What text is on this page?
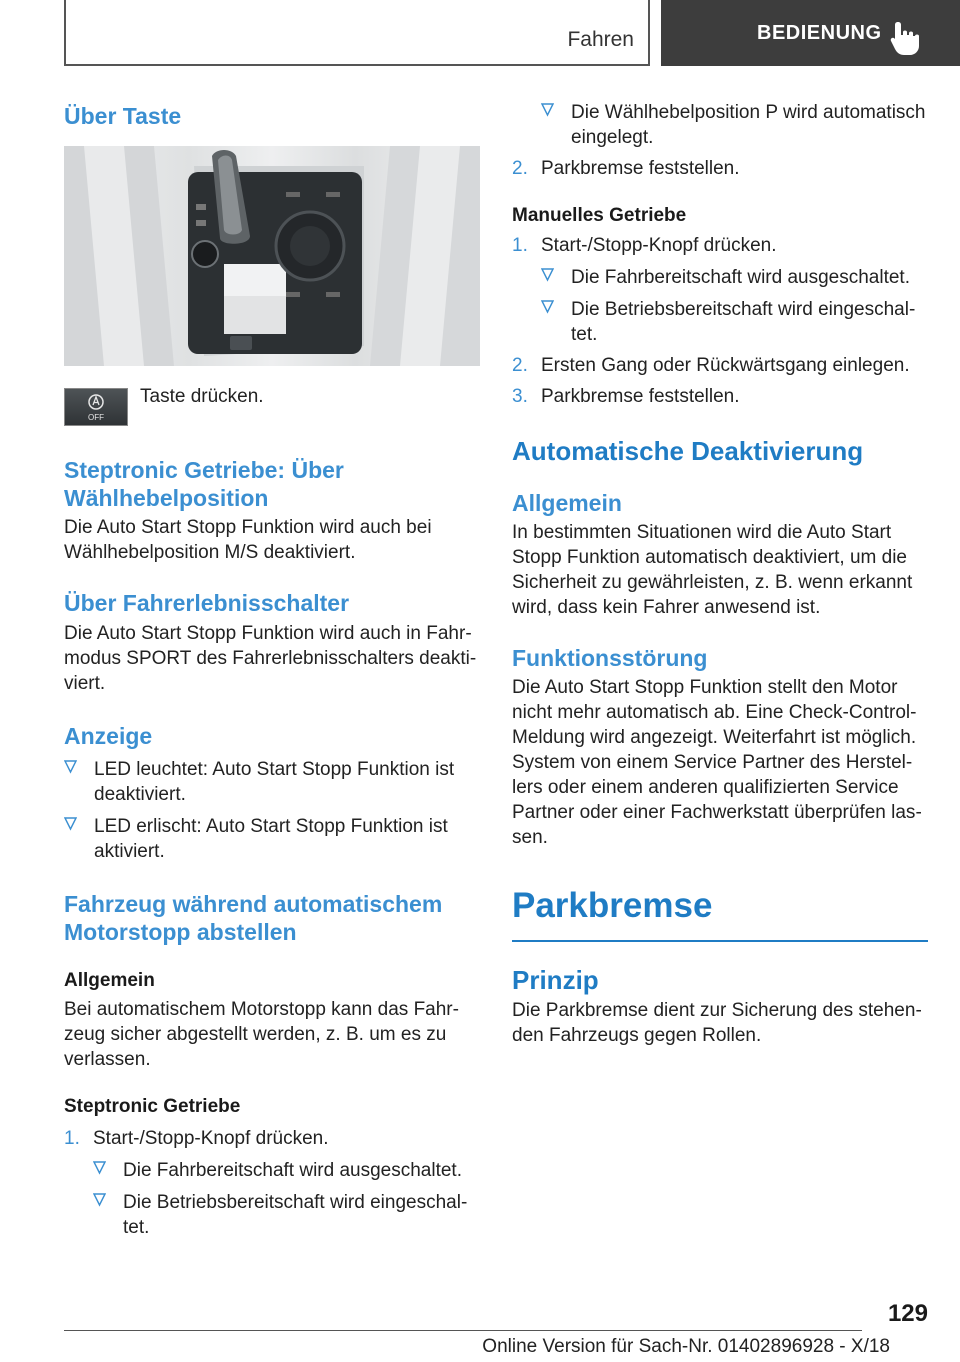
Fahren	BEDIENUNG
Über Taste
OFF

Taste drücken.

Steptronic Getriebe: Über Wählhebelposition

Die Auto Start Stopp Funktion wird auch bei Wählhebelposition M/S deaktiviert.

Über Fahrerlebnisschalter

Die Auto Start Stopp Funktion wird auch in Fahrmodus SPORT des Fahrerlebnisschalters deaktiviert.

Anzeige
LED leuchtet: Auto Start Stopp Funktion ist deaktiviert.
LED erlischt: Auto Start Stopp Funktion ist aktiviert.
Fahrzeug während automatischem Motorstopp abstellen
Allgemein

Bei automatischem Motorstopp kann das Fahrzeug sicher abgestellt werden, z. B. um es zu verlassen.

Steptronic Getriebe
1. Start-/Stopp-Knopf drücken.
Die Fahrbereitschaft wird ausgeschaltet.
Die Betriebsbereitschaft wird eingeschaltet.
Die Wählhebelposition P wird automatisch eingelegt.
2. Parkbremse feststellen.
Manuelles Getriebe
1. Start-/Stopp-Knopf drücken.
Die Fahrbereitschaft wird ausgeschaltet.
Die Betriebsbereitschaft wird eingeschaltet.
2. Ersten Gang oder Rückwärtsgang einlegen.
3. Parkbremse feststellen.
Automatische Deaktivierung
Allgemein

In bestimmten Situationen wird die Auto Start Stopp Funktion automatisch deaktiviert, um die Sicherheit zu gewährleisten, z. B. wenn erkannt wird, dass kein Fahrer anwesend ist.

Funktionsstörung

Die Auto Start Stopp Funktion stellt den Motor nicht mehr automatisch ab. Eine Check-Control-Meldung wird angezeigt. Weiterfahrt ist möglich. System von einem Service Partner des Herstellers oder einem anderen qualifizierten Service Partner oder einer Fachwerkstatt überprüfen lassen.

Parkbremse
Prinzip

Die Parkbremse dient zur Sicherung des stehenden Fahrzeugs gegen Rollen.

129
Online Version für Sach-Nr. 01402896928 - X/18
